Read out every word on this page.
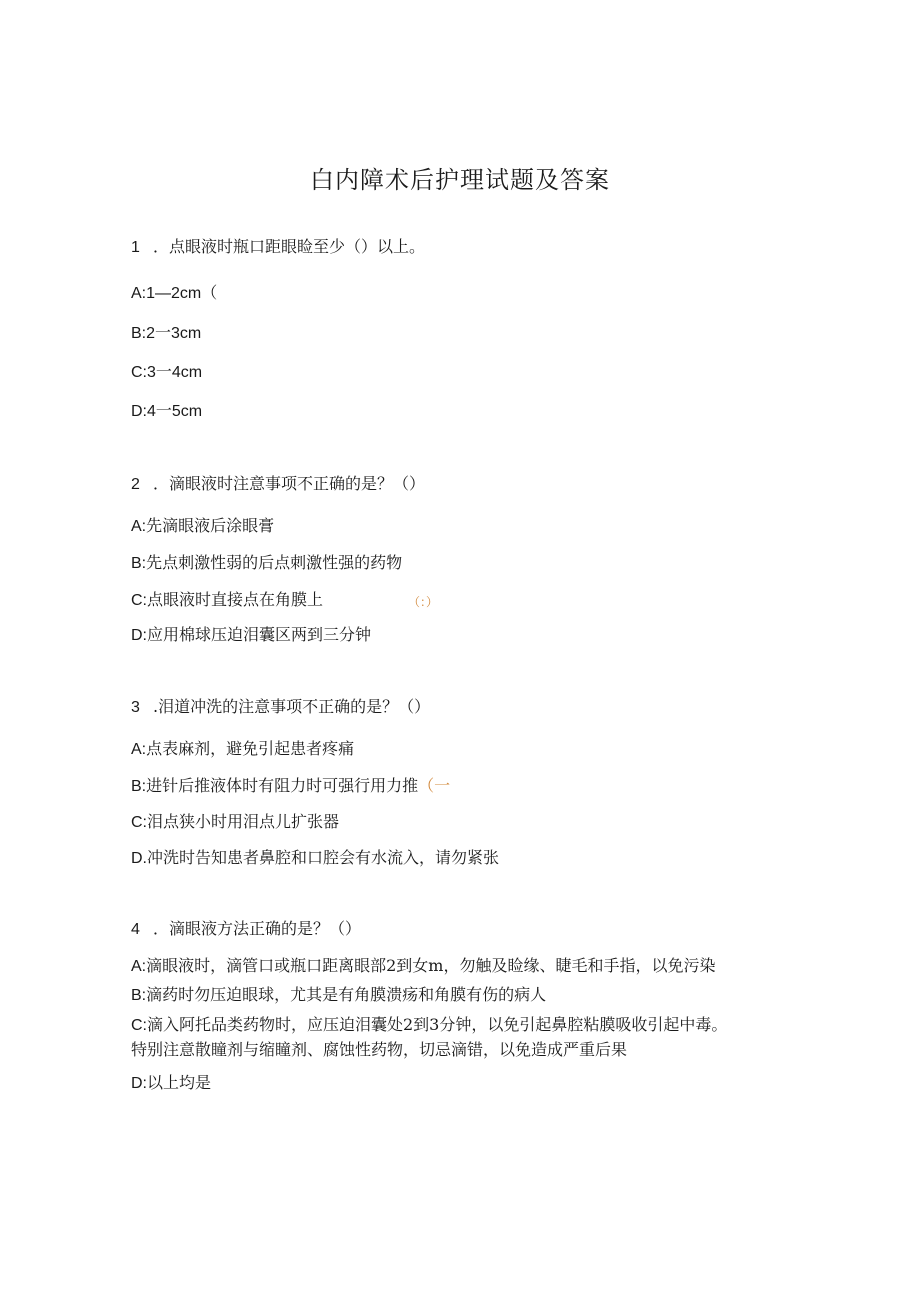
白内障术后护理试题及答案

1 ．点眼液时瓶口距眼睑至少（）以上。

A:1—2cm（

B:2一3cm

C:3一4cm

D:4一5cm

2 ．滴眼液时注意事项不正确的是？（）

A:先滴眼液后涂眼膏

B:先点刺激性弱的后点刺激性强的药物

C:点眼液时直接点在角膜上	（：）

D:应用棉球压迫泪囊区两到三分钟

3 .泪道冲洗的注意事项不正确的是？（）

A:点表麻剂，避免引起患者疼痛

B:进针后推液体时有阻力时可强行用力推（一

C:泪点狭小时用泪点儿扩张器

D.冲洗时告知患者鼻腔和口腔会有水流入，请勿紧张

4 ．滴眼液方法正确的是？（）

A:滴眼液时，滴管口或瓶口距离眼部2到女m，勿触及睑缘、睫毛和手指，以免污染

B:滴药时勿压迫眼球，尤其是有角膜溃疡和角膜有伤的病人

C:滴入阿托品类药物时，应压迫泪囊处2到3分钟，以免引起鼻腔粘膜吸收引起中毒。

特别注意散瞳剂与缩瞳剂、腐蚀性药物，切忌滴错，以免造成严重后果

D:以上均是
